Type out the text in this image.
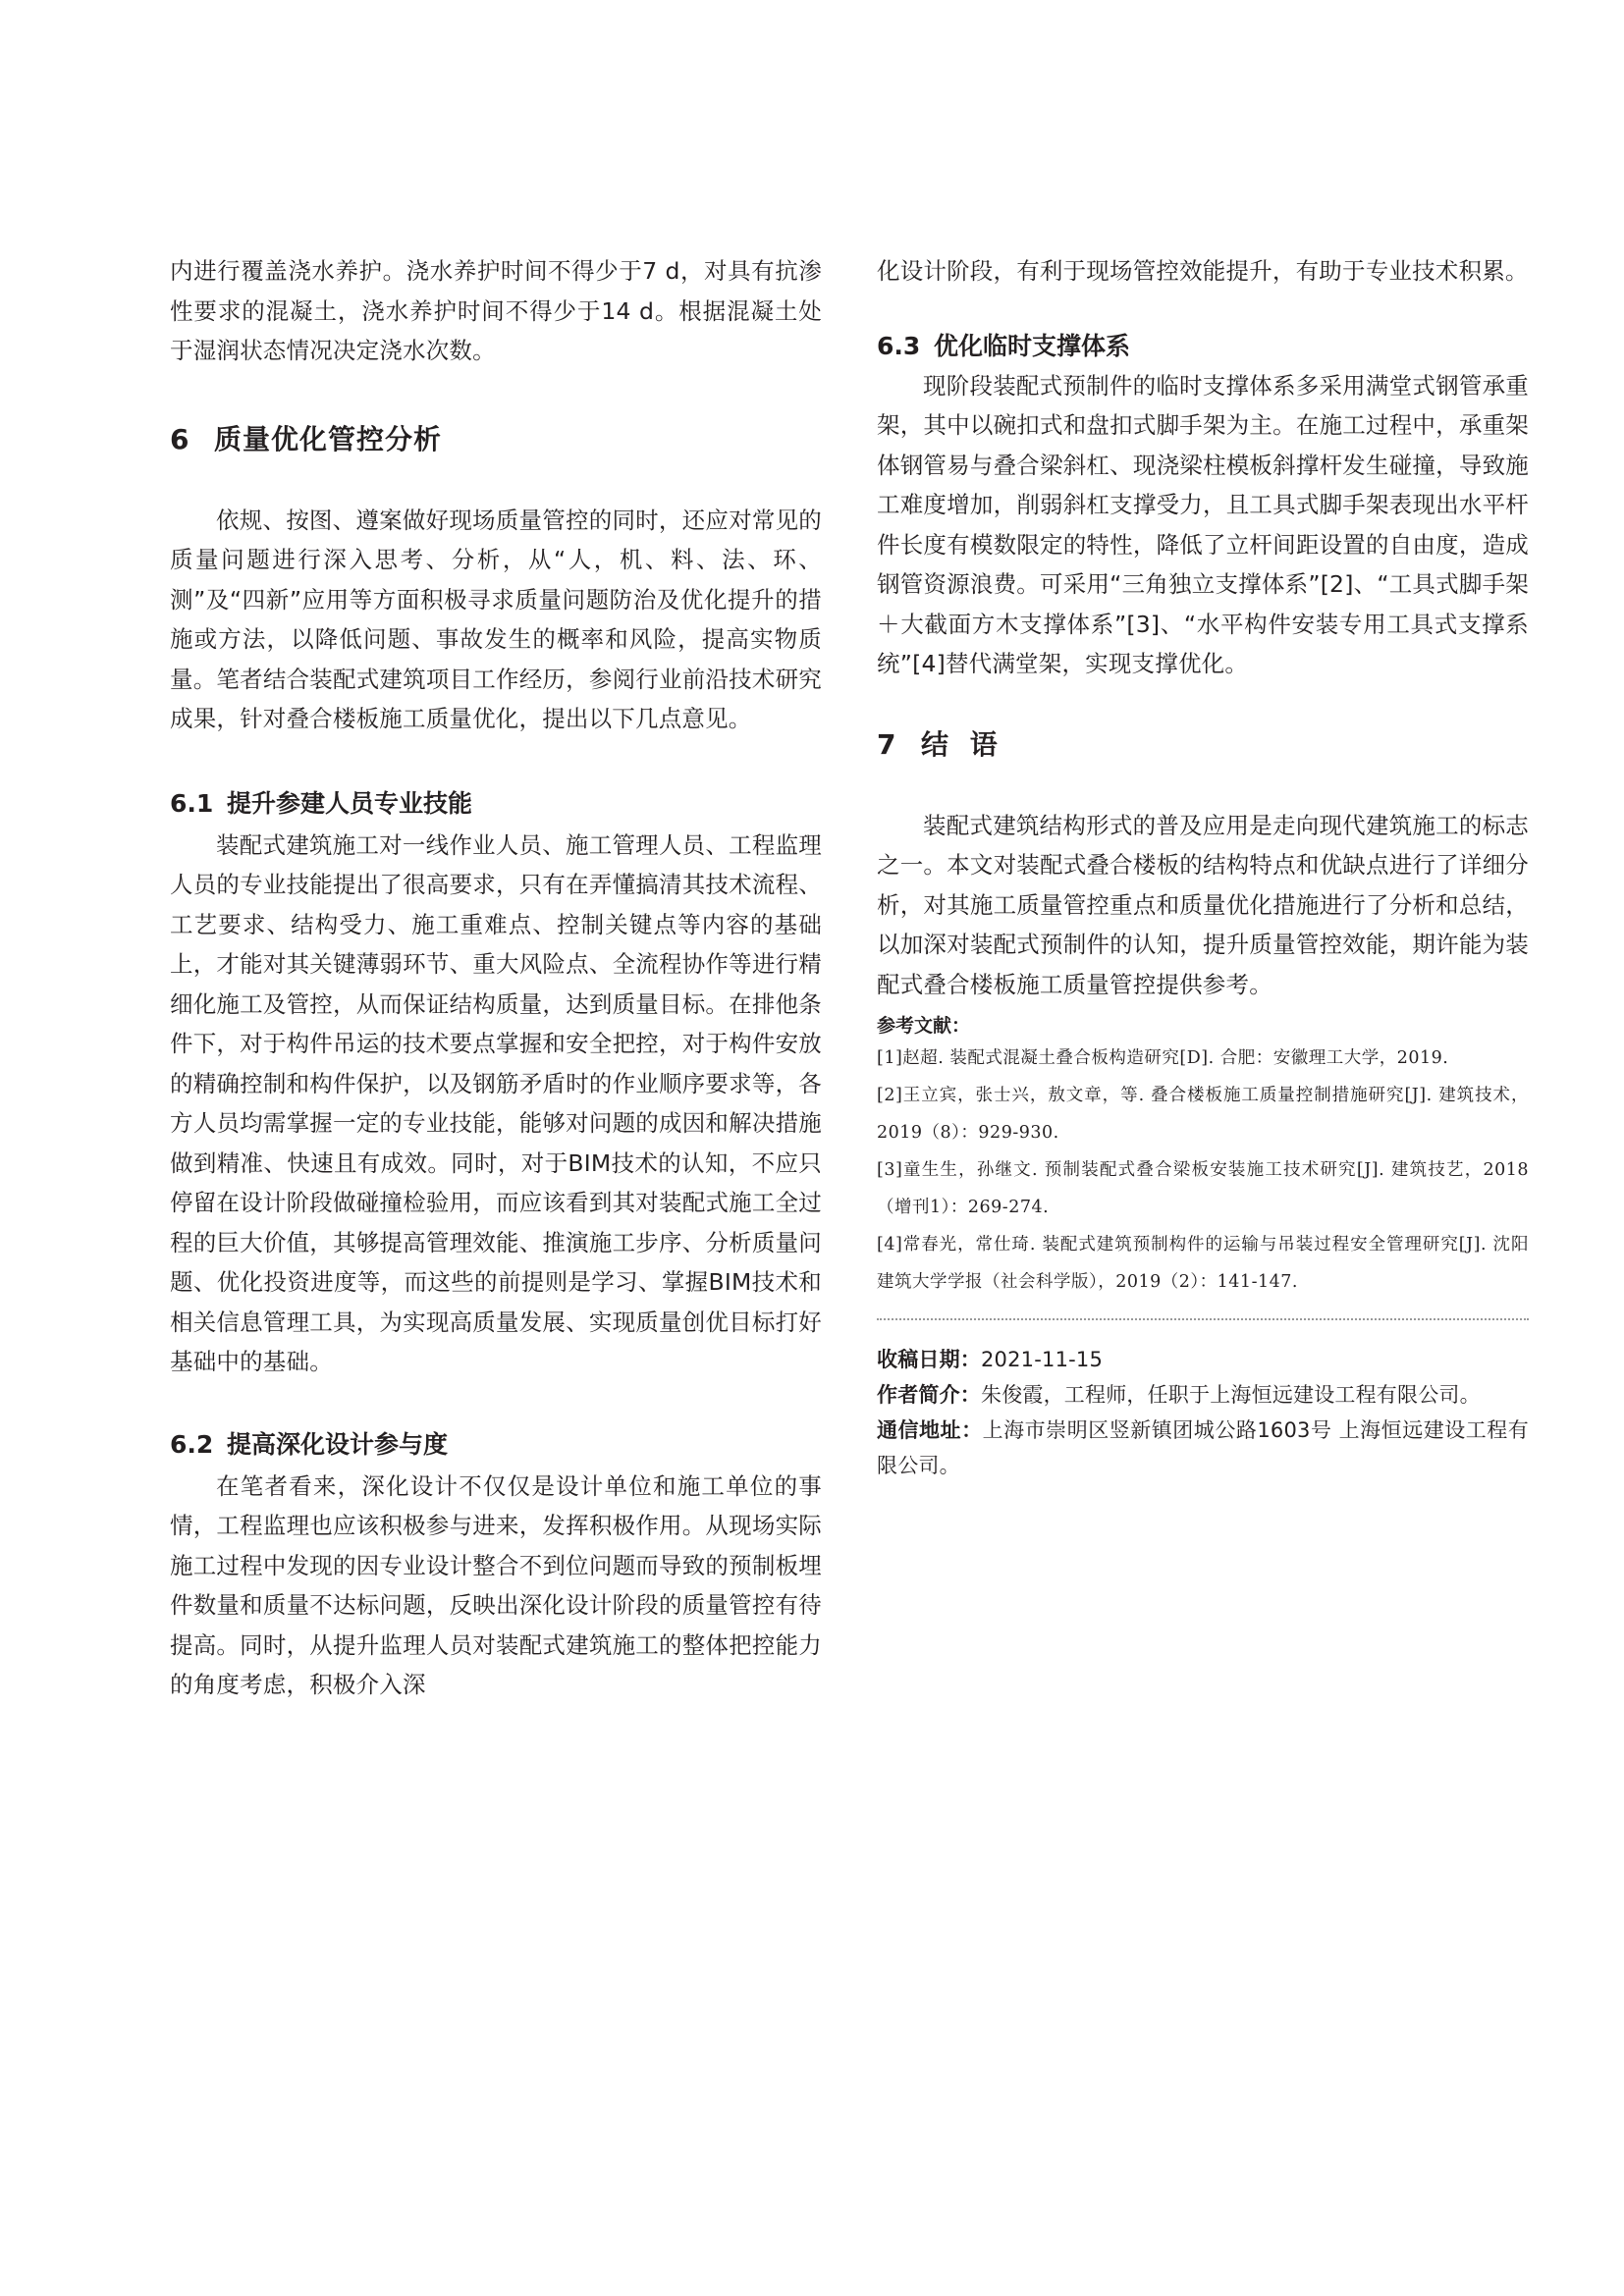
内进行覆盖浇水养护。浇水养护时间不得少于7 d，对具有抗渗性要求的混凝土，浇水养护时间不得少于14 d。根据混凝土处于湿润状态情况决定浇水次数。

6 质量优化管控分析

依规、按图、遵案做好现场质量管控的同时，还应对常见的质量问题进行深入思考、分析，从“人，机、料、法、环、测”及“四新”应用等方面积极寻求质量问题防治及优化提升的措施或方法，以降低问题、事故发生的概率和风险，提高实物质量。笔者结合装配式建筑项目工作经历，参阅行业前沿技术研究成果，针对叠合楼板施工质量优化，提出以下几点意见。

6.1 提升参建人员专业技能

装配式建筑施工对一线作业人员、施工管理人员、工程监理人员的专业技能提出了很高要求，只有在弄懂搞清其技术流程、工艺要求、结构受力、施工重难点、控制关键点等内容的基础上，才能对其关键薄弱环节、重大风险点、全流程协作等进行精细化施工及管控，从而保证结构质量，达到质量目标。在排他条件下，对于构件吊运的技术要点掌握和安全把控，对于构件安放的精确控制和构件保护，以及钢筋矛盾时的作业顺序要求等，各方人员均需掌握一定的专业技能，能够对问题的成因和解决措施做到精准、快速且有成效。同时，对于BIM技术的认知，不应只停留在设计阶段做碰撞检验用，而应该看到其对装配式施工全过程的巨大价值，其够提高管理效能、推演施工步序、分析质量问题、优化投资进度等，而这些的前提则是学习、掌握BIM技术和相关信息管理工具，为实现高质量发展、实现质量创优目标打好基础中的基础。

6.2 提高深化设计参与度

在笔者看来，深化设计不仅仅是设计单位和施工单位的事情，工程监理也应该积极参与进来，发挥积极作用。从现场实际施工过程中发现的因专业设计整合不到位问题而导致的预制板埋件数量和质量不达标问题，反映出深化设计阶段的质量管控有待提高。同时，从提升监理人员对装配式建筑施工的整体把控能力的角度考虑，积极介入深

化设计阶段，有利于现场管控效能提升，有助于专业技术积累。

6.3 优化临时支撑体系

现阶段装配式预制件的临时支撑体系多采用满堂式钢管承重架，其中以碗扣式和盘扣式脚手架为主。在施工过程中，承重架体钢管易与叠合梁斜杠、现浇梁柱模板斜撑杆发生碰撞，导致施工难度增加，削弱斜杠支撑受力，且工具式脚手架表现出水平杆件长度有模数限定的特性，降低了立杆间距设置的自由度，造成钢管资源浪费。可采用“三角独立支撑体系”[2]、“工具式脚手架＋大截面方木支撑体系”[3]、“水平构件安装专用工具式支撑系统”[4]替代满堂架，实现支撑优化。

7 结 语

装配式建筑结构形式的普及应用是走向现代建筑施工的标志之一。本文对装配式叠合楼板的结构特点和优缺点进行了详细分析，对其施工质量管控重点和质量优化措施进行了分析和总结，以加深对装配式预制件的认知，提升质量管控效能，期许能为装配式叠合楼板施工质量管控提供参考。

参考文献：

[1]赵超. 装配式混凝土叠合板构造研究[D]. 合肥：安徽理工大学，2019.

[2]王立宾，张士兴，敖文章，等. 叠合楼板施工质量控制措施研究[J]. 建筑技术，2019（8）：929-930.

[3]童生生，孙继文. 预制装配式叠合梁板安装施工技术研究[J]. 建筑技艺，2018（增刊1）：269-274.

[4]常春光，常仕琦. 装配式建筑预制构件的运输与吊装过程安全管理研究[J]. 沈阳建筑大学学报（社会科学版），2019（2）：141-147.

收稿日期：2021-11-15

作者简介：朱俊霞，工程师，任职于上海恒远建设工程有限公司。

通信地址：上海市崇明区竖新镇团城公路1603号 上海恒远建设工程有限公司。
